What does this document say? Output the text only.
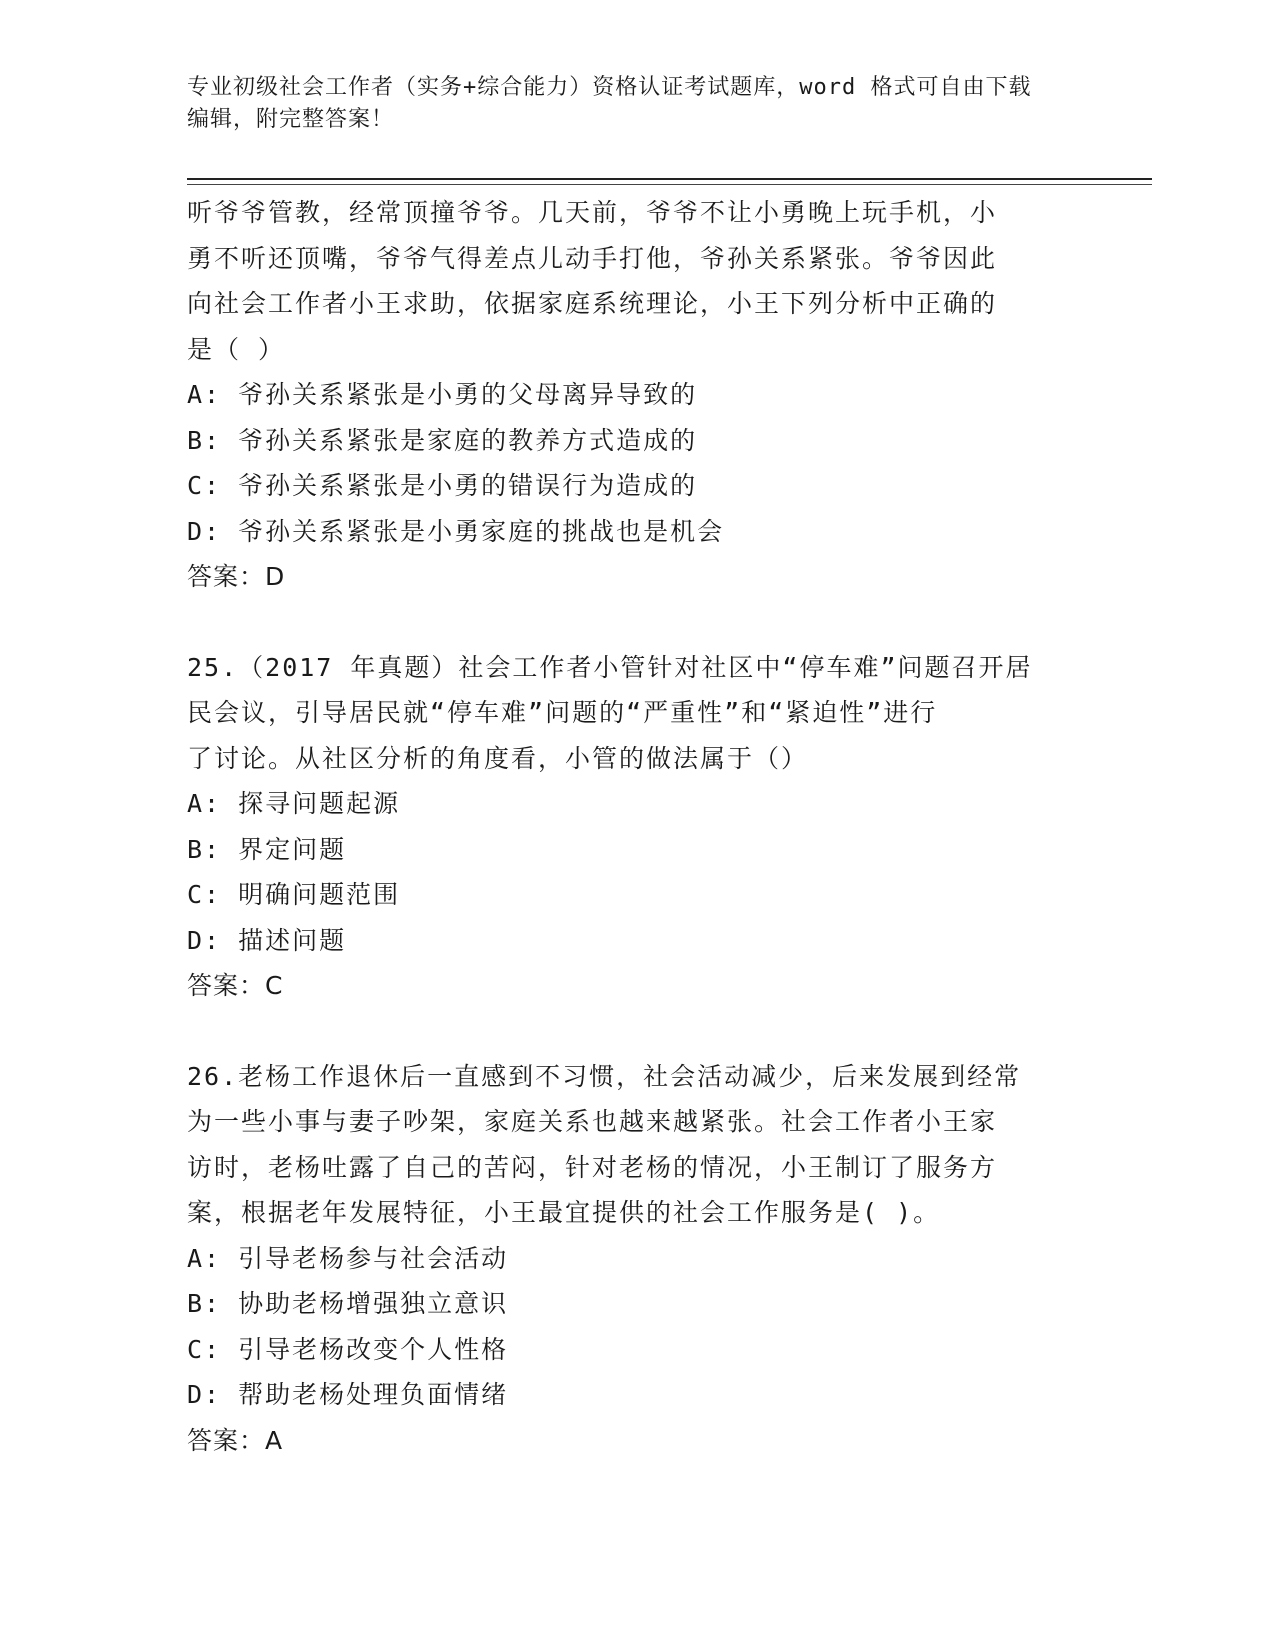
专业初级社会工作者（实务+综合能力）资格认证考试题库，word 格式可自由下载
编辑，附完整答案！
听爷爷管教，经常顶撞爷爷。几天前，爷爷不让小勇晚上玩手机，小
勇不听还顶嘴，爷爷气得差点儿动手打他，爷孙关系紧张。爷爷因此
向社会工作者小王求助，依据家庭系统理论，小王下列分析中正确的
是（ ）
A: 爷孙关系紧张是小勇的父母离异导致的
B: 爷孙关系紧张是家庭的教养方式造成的
C: 爷孙关系紧张是小勇的错误行为造成的
D: 爷孙关系紧张是小勇家庭的挑战也是机会
答案：D
25.（2017 年真题）社会工作者小管针对社区中“停车难”问题召开居
民会议，引导居民就“停车难”问题的“严重性”和“紧迫性”进行
了讨论。从社区分析的角度看，小管的做法属于（）
A: 探寻问题起源
B: 界定问题
C: 明确问题范围
D: 描述问题
答案：C
26.老杨工作退休后一直感到不习惯，社会活动减少，后来发展到经常
为一些小事与妻子吵架，家庭关系也越来越紧张。社会工作者小王家
访时，老杨吐露了自己的苦闷，针对老杨的情况，小王制订了服务方
案，根据老年发展特征，小王最宜提供的社会工作服务是( )。
A: 引导老杨参与社会活动
B: 协助老杨增强独立意识
C: 引导老杨改变个人性格
D: 帮助老杨处理负面情绪
答案：A
